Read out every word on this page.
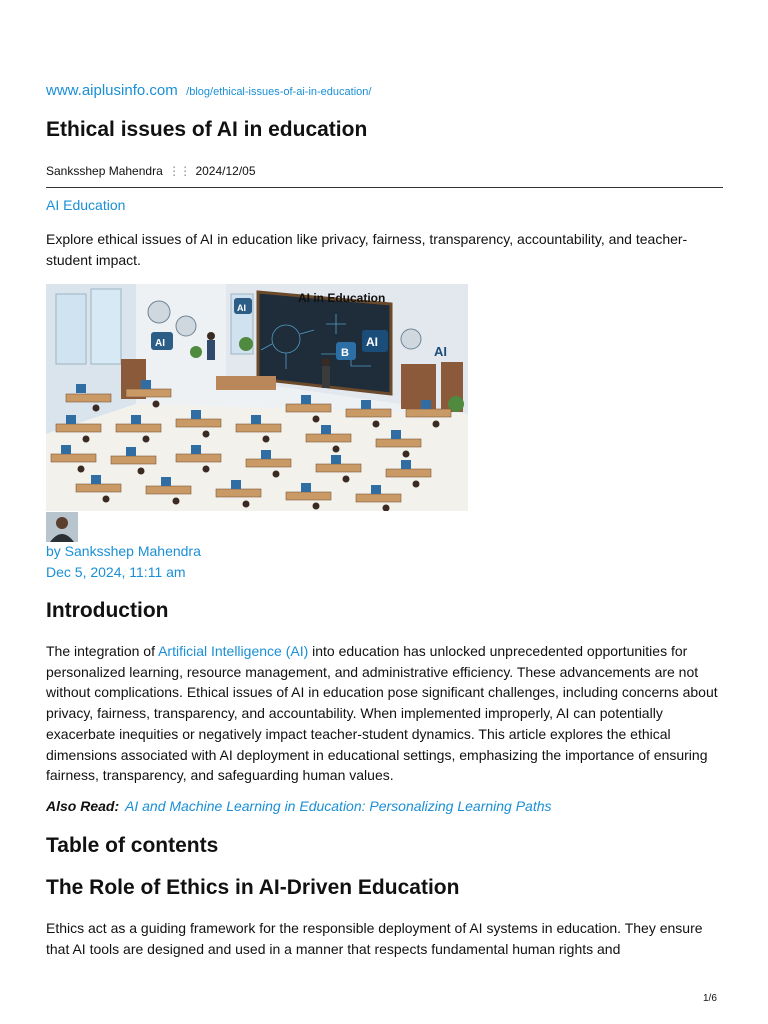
www.aiplusinfo.com /blog/ethical-issues-of-ai-in-education/
Ethical issues of AI in education
Sanksshep Mahendra ⋮⋮ 2024/12/05
AI Education

Explore ethical issues of AI in education like privacy, fairness, transparency, accountability, and teacher-student impact.

AI in Education
B
AI
AI
AI
AI
by Sanksshep Mahendra
Dec 5, 2024, 11:11 am
Introduction

The integration of Artificial Intelligence (AI) into education has unlocked unprecedented opportunities for personalized learning, resource management, and administrative efficiency. These advancements are not without complications. Ethical issues of AI in education pose significant challenges, including concerns about privacy, fairness, transparency, and accountability. When implemented improperly, AI can potentially exacerbate inequities or negatively impact teacher-student dynamics. This article explores the ethical dimensions associated with AI deployment in educational settings, emphasizing the importance of ensuring fairness, transparency, and safeguarding human values.

Also Read: AI and Machine Learning in Education: Personalizing Learning Paths
Table of contents
The Role of Ethics in AI-Driven Education

Ethics act as a guiding framework for the responsible deployment of AI systems in education. They ensure that AI tools are designed and used in a manner that respects fundamental human rights and

1/6
